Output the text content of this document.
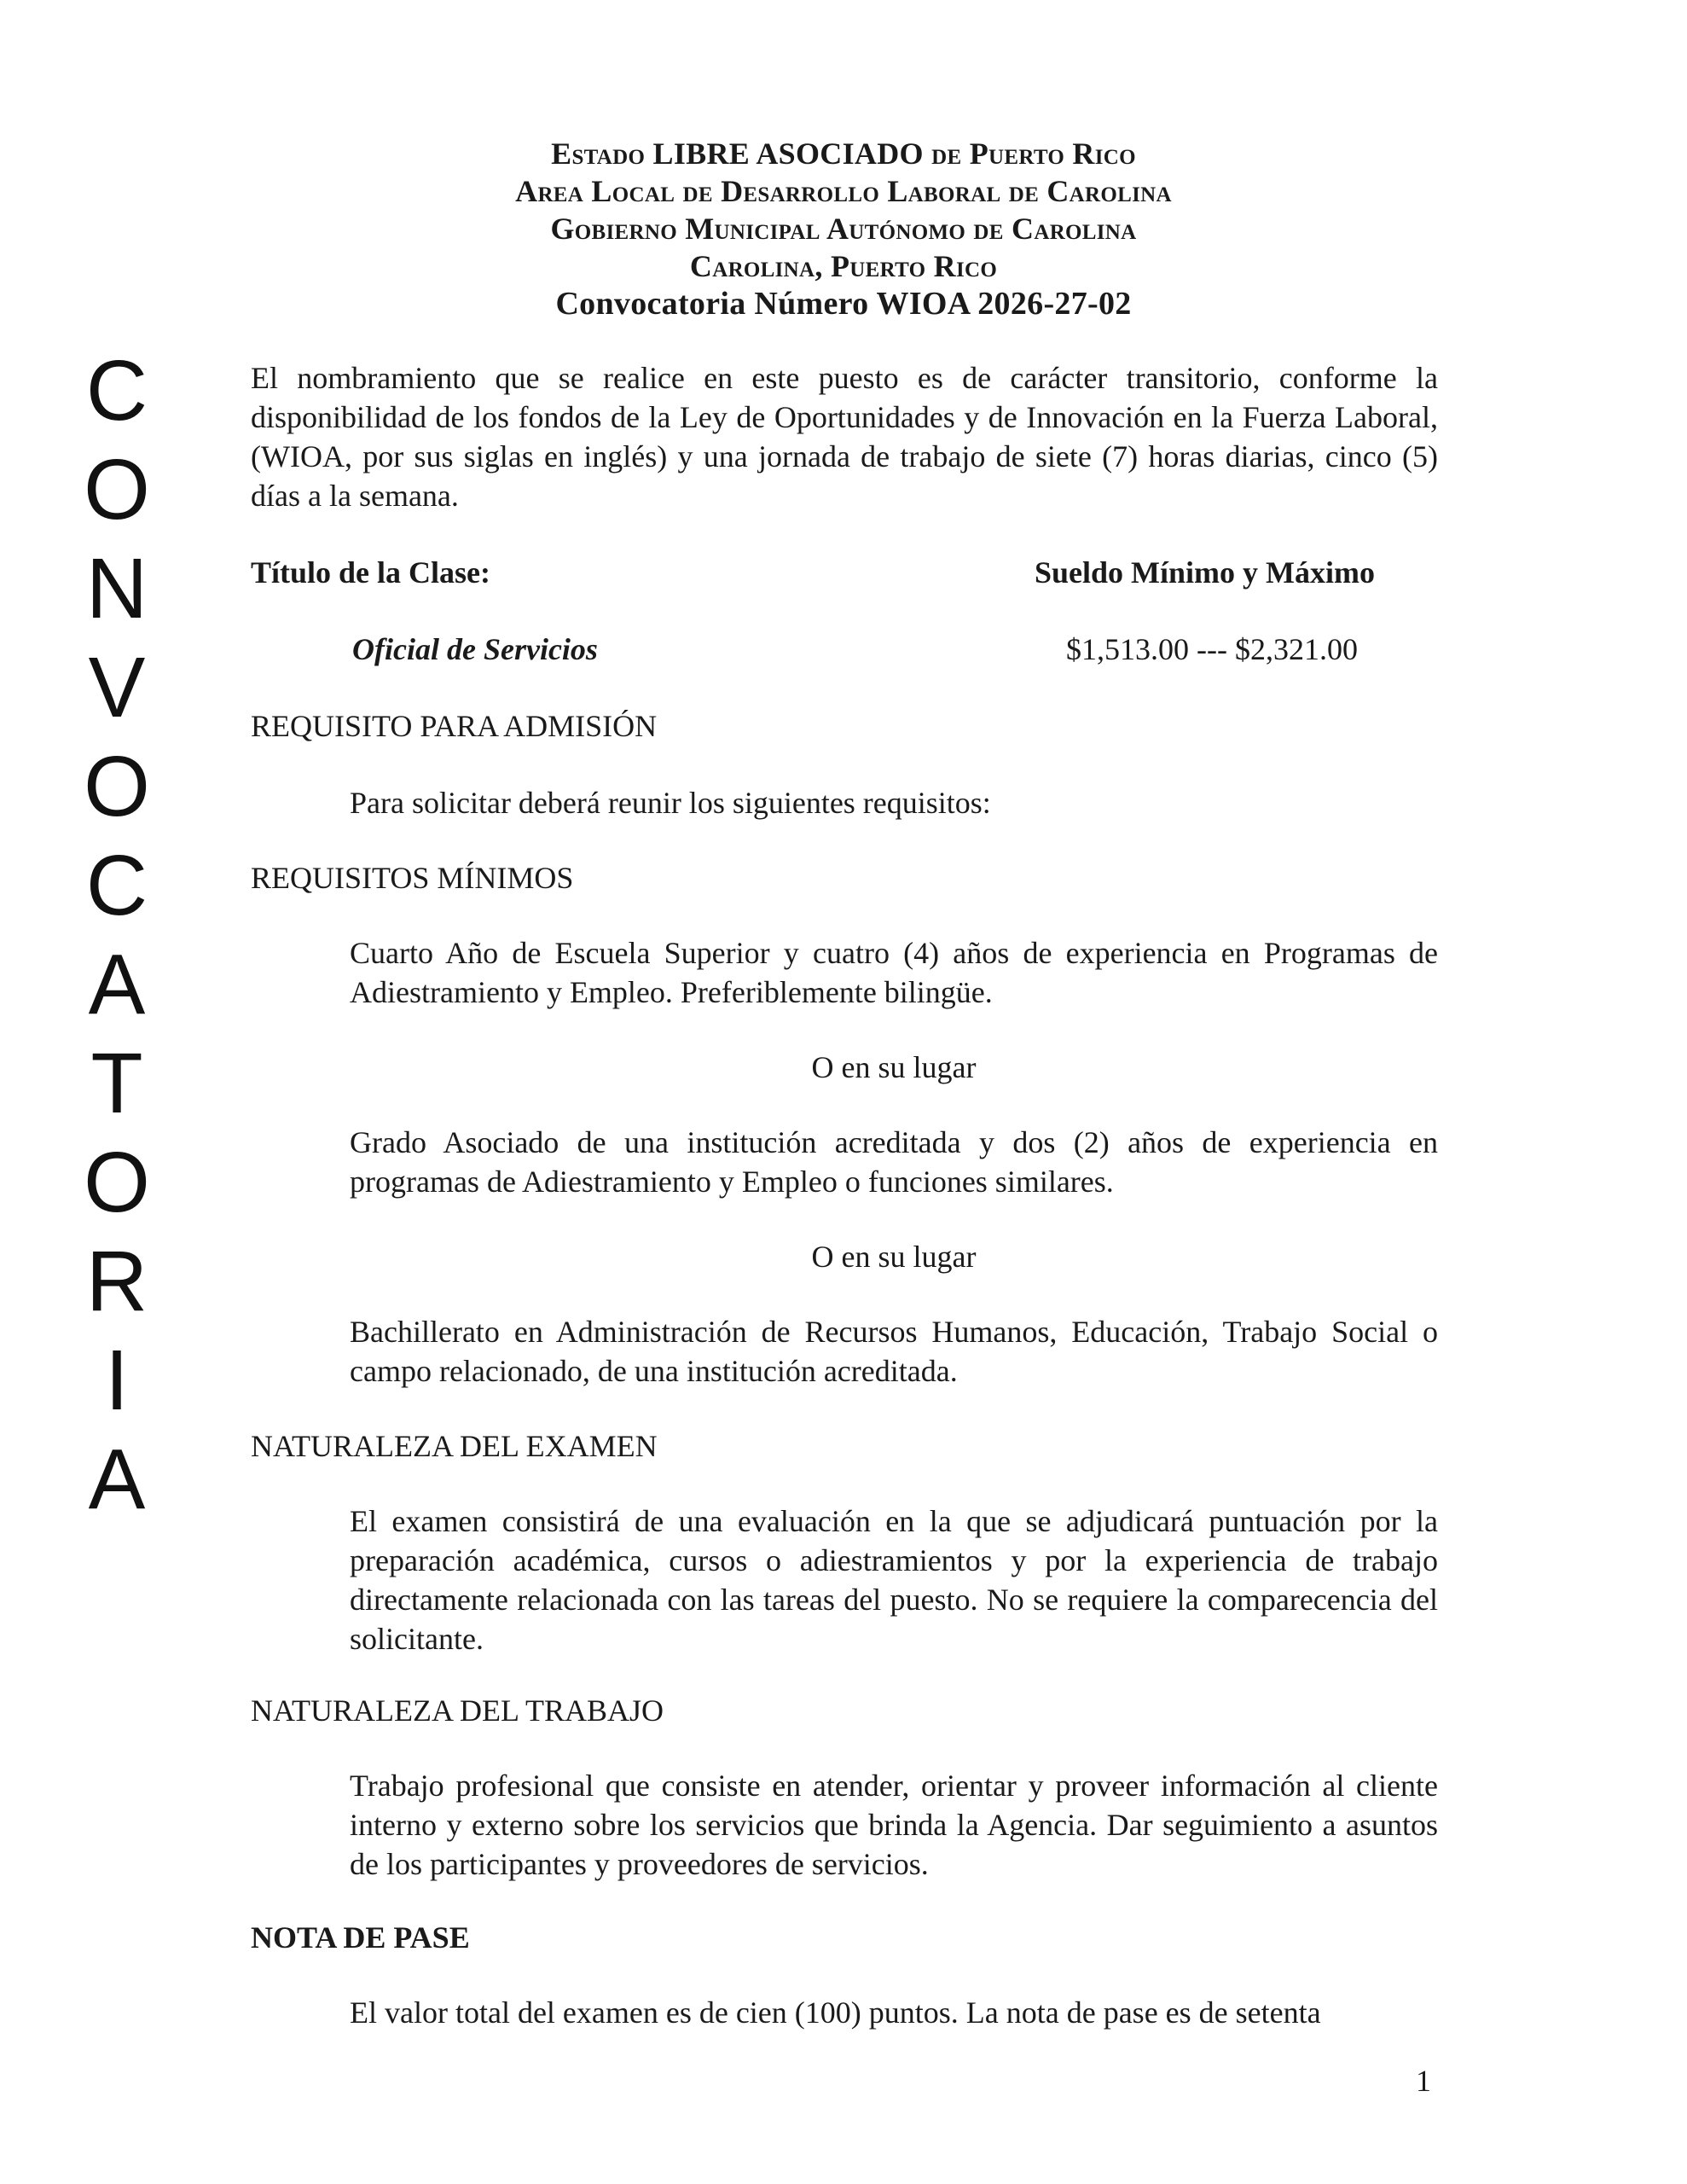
Estado LIBRE ASOCIADO de Puerto Rico
Area Local de Desarrollo Laboral de Carolina
Gobierno Municipal Autónomo de Carolina
Carolina, Puerto Rico
Convocatoria Número WIOA 2026-27-02
C
O
N
V
O
C
A
T
O
R
I
A
El nombramiento que se realice en este puesto es de carácter transitorio, conforme la disponibilidad de los fondos de la Ley de Oportunidades y de Innovación en la Fuerza Laboral, (WIOA, por sus siglas en inglés) y una jornada de trabajo de siete (7) horas diarias, cinco (5) días a la semana.
Título de la Clase:	Sueldo Mínimo y Máximo
Oficial de Servicios	$1,513.00 --- $2,321.00
REQUISITO PARA ADMISIÓN
Para solicitar deberá reunir los siguientes requisitos:
REQUISITOS MÍNIMOS
Cuarto Año de Escuela Superior y cuatro (4) años de experiencia en Programas de Adiestramiento y Empleo. Preferiblemente bilingüe.
O en su lugar
Grado Asociado de una institución acreditada y dos (2) años de experiencia en programas de Adiestramiento y Empleo o funciones similares.
O en su lugar
Bachillerato en Administración de Recursos Humanos, Educación, Trabajo Social o campo relacionado, de una institución acreditada.
NATURALEZA DEL EXAMEN
El examen consistirá de una evaluación en la que se adjudicará puntuación por la preparación académica, cursos o adiestramientos y por la experiencia de trabajo directamente relacionada con las tareas del puesto. No se requiere la comparecencia del solicitante.
NATURALEZA DEL TRABAJO
Trabajo profesional que consiste en atender, orientar y proveer información al cliente interno y externo sobre los servicios que brinda la Agencia. Dar seguimiento a asuntos de los participantes y proveedores de servicios.
NOTA DE PASE
El valor total del examen es de cien (100) puntos. La nota de pase es de setenta
1
